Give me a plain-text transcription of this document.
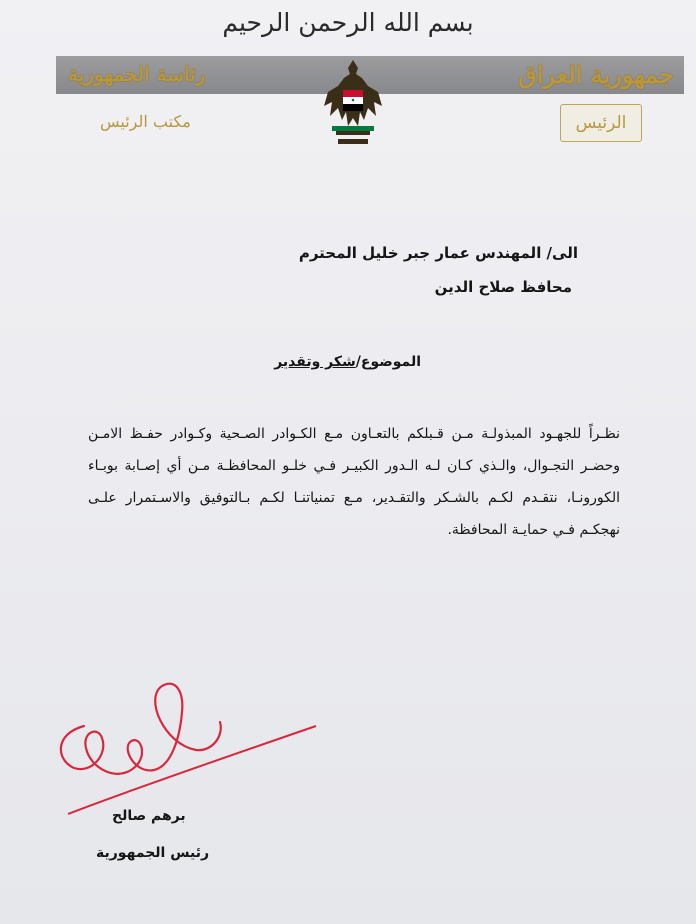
بسم الله الرحمن الرحيم
رئاسة الجمهورية	جمهورية العراق
الرئيس
مكتب الرئيس
الى/ المهندس عمار جبر خليل المحترم
محافظ صلاح الدين
الموضوع/شكر وتقدير
نظـراً للجهـود المبذولـة مـن قـبلكم بالتعـاون مـع الكـوادر الصـحية وكـوادر حفـظ الامـن وحضـر التجـوال، والـذي كـان لـه الـدور الكبيـر فـي خلـو المحافظـة مـن أي إصـابة بوبـاء الكورونـا، نتقـدم لكـم بالشـكر والتقـدير، مـع تمنياتنـا لكـم بـالتوفيق والاسـتمرار علـى نهجكـم فـي حمايـة المحافظة.
برهم صالح
رئيس الجمهورية
